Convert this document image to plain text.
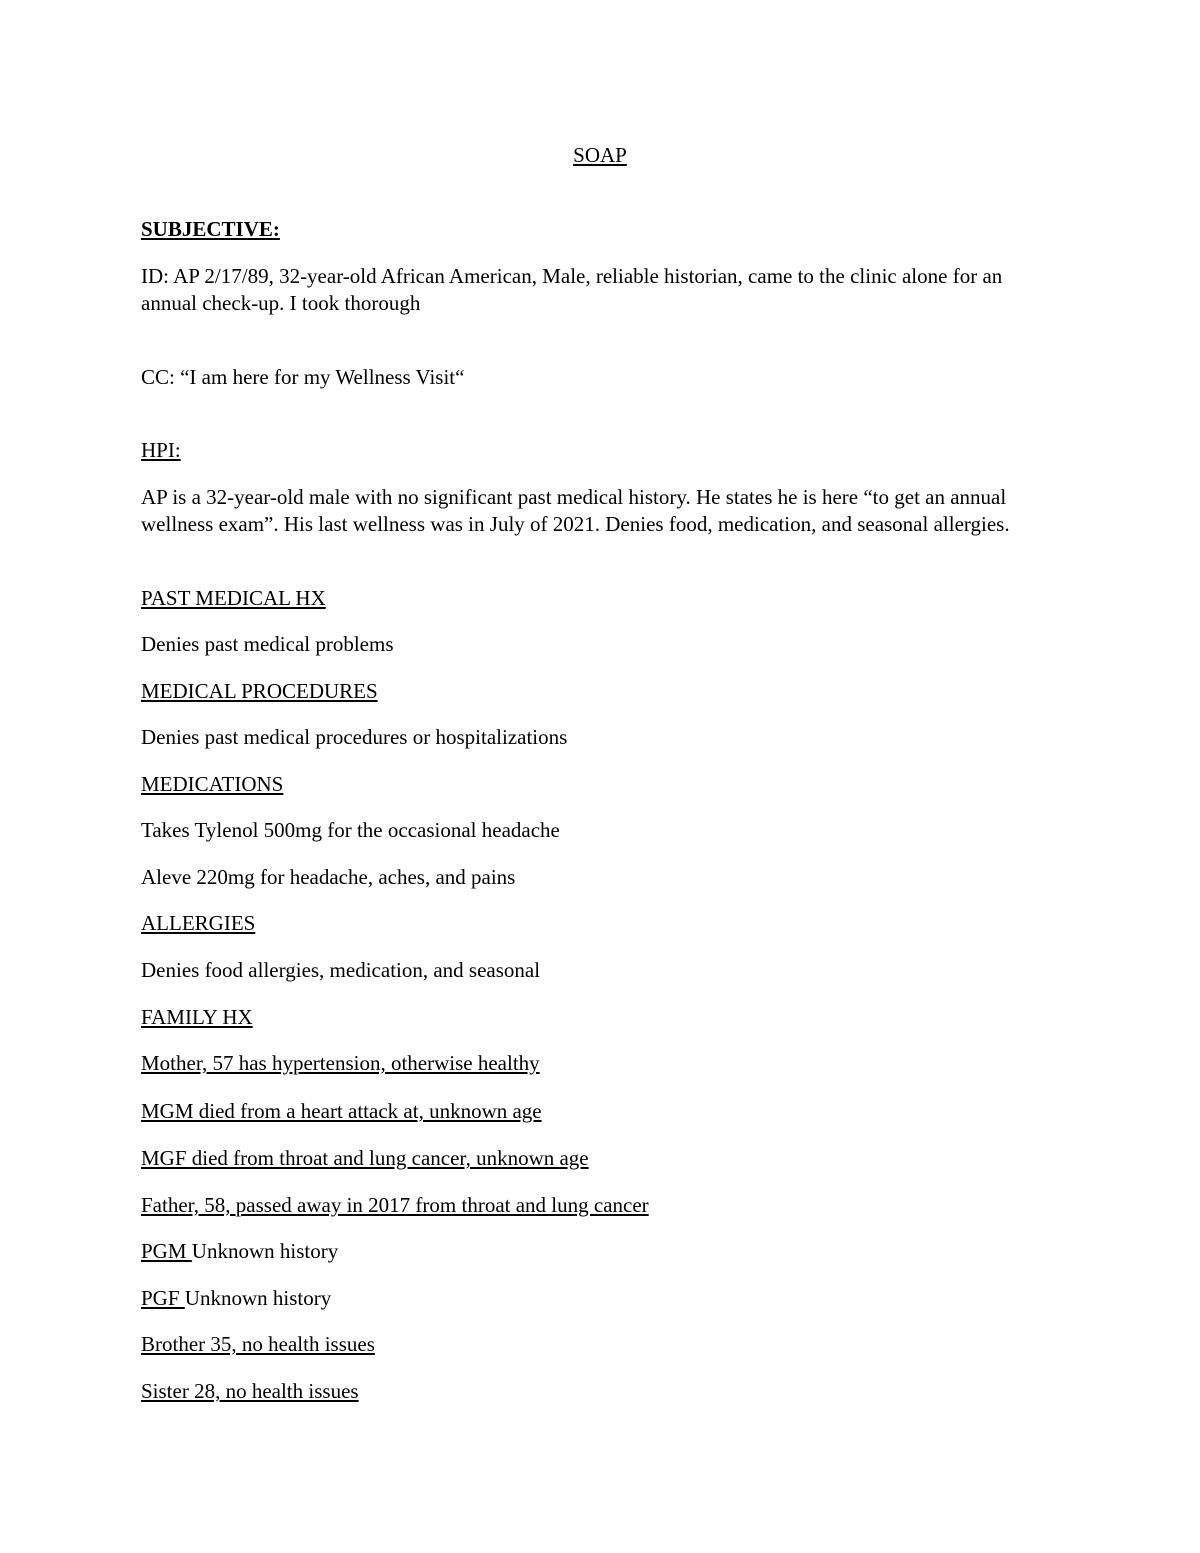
SOAP
SUBJECTIVE:
ID: AP 2/17/89, 32-year-old African American, Male, reliable historian, came to the clinic alone for an annual check-up. I took thorough
CC: “I am here for my Wellness Visit“
HPI:
AP is a 32-year-old male with no significant past medical history. He states he is here “to get an annual wellness exam”. His last wellness was in July of 2021. Denies food, medication, and seasonal allergies.
PAST MEDICAL HX
Denies past medical problems
MEDICAL PROCEDURES
Denies past medical procedures or hospitalizations
MEDICATIONS
Takes Tylenol 500mg for the occasional headache
Aleve 220mg for headache, aches, and pains
ALLERGIES
Denies food allergies, medication, and seasonal
FAMILY HX
Mother, 57 has hypertension, otherwise healthy
MGM died from a heart attack at, unknown age
MGF died from throat and lung cancer, unknown age
Father, 58, passed away in 2017 from throat and lung cancer
PGM Unknown history
PGF Unknown history
Brother 35, no health issues
Sister 28, no health issues
